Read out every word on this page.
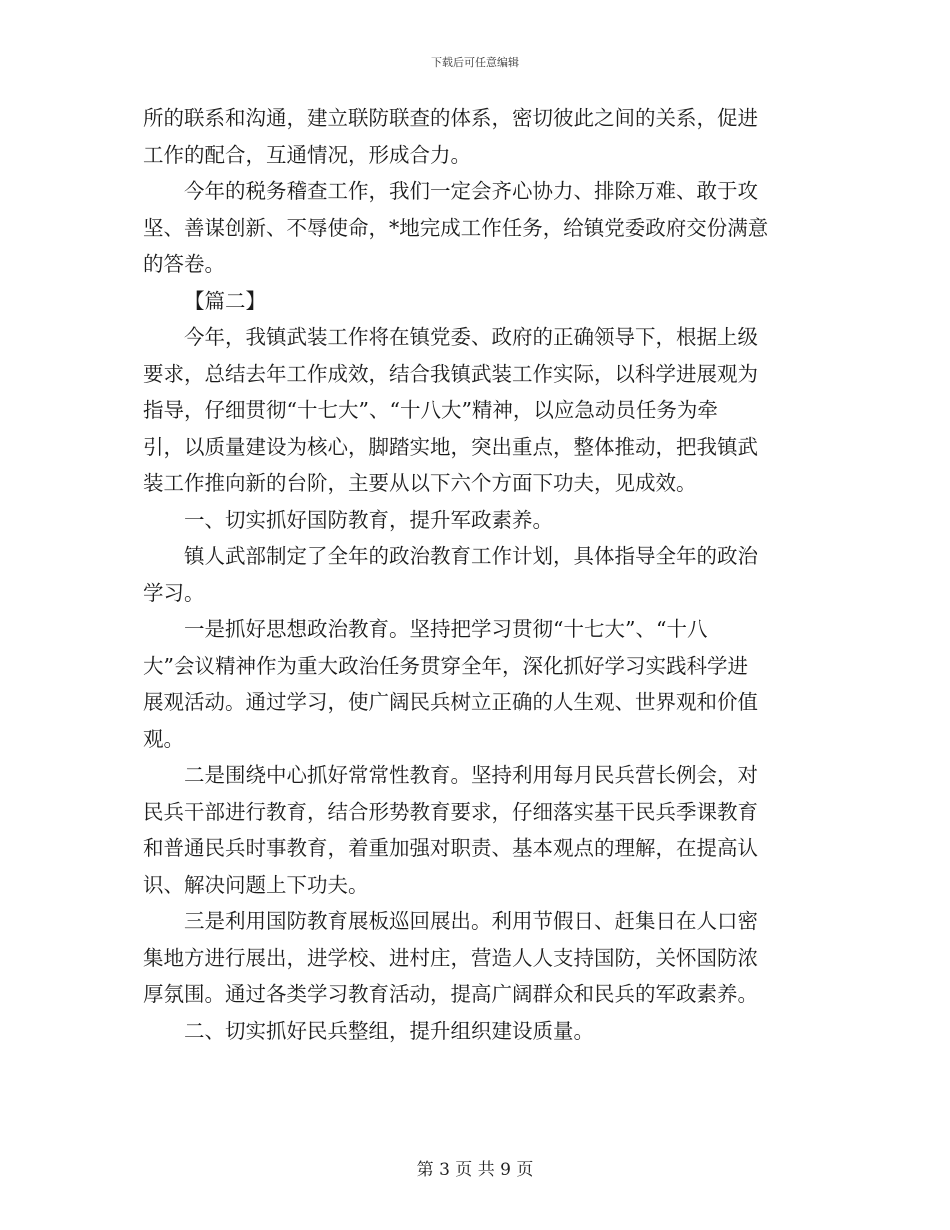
下载后可任意编辑
所的联系和沟通，建立联防联查的体系，密切彼此之间的关系，促进
工作的配合，互通情况，形成合力。
今年的税务稽查工作，我们一定会齐心协力、排除万难、敢于攻
坚、善谋创新、不辱使命，*地完成工作任务，给镇党委政府交份满意
的答卷。
【篇二】
今年，我镇武装工作将在镇党委、政府的正确领导下，根据上级
要求，总结去年工作成效，结合我镇武装工作实际，以科学进展观为
指导，仔细贯彻“十七大”、“十八大”精神，以应急动员任务为牵
引，以质量建设为核心，脚踏实地，突出重点，整体推动，把我镇武
装工作推向新的台阶，主要从以下六个方面下功夫，见成效。
一、切实抓好国防教育，提升军政素养。
镇人武部制定了全年的政治教育工作计划，具体指导全年的政治
学习。
一是抓好思想政治教育。坚持把学习贯彻“十七大”、“十八
大”会议精神作为重大政治任务贯穿全年，深化抓好学习实践科学进
展观活动。通过学习，使广阔民兵树立正确的人生观、世界观和价值
观。
二是围绕中心抓好常常性教育。坚持利用每月民兵营长例会，对
民兵干部进行教育，结合形势教育要求，仔细落实基干民兵季课教育
和普通民兵时事教育，着重加强对职责、基本观点的理解，在提高认
识、解决问题上下功夫。
三是利用国防教育展板巡回展出。利用节假日、赶集日在人口密
集地方进行展出，进学校、进村庄，营造人人支持国防，关怀国防浓
厚氛围。通过各类学习教育活动，提高广阔群众和民兵的军政素养。
二、切实抓好民兵整组，提升组织建设质量。
第 3 页 共 9 页
